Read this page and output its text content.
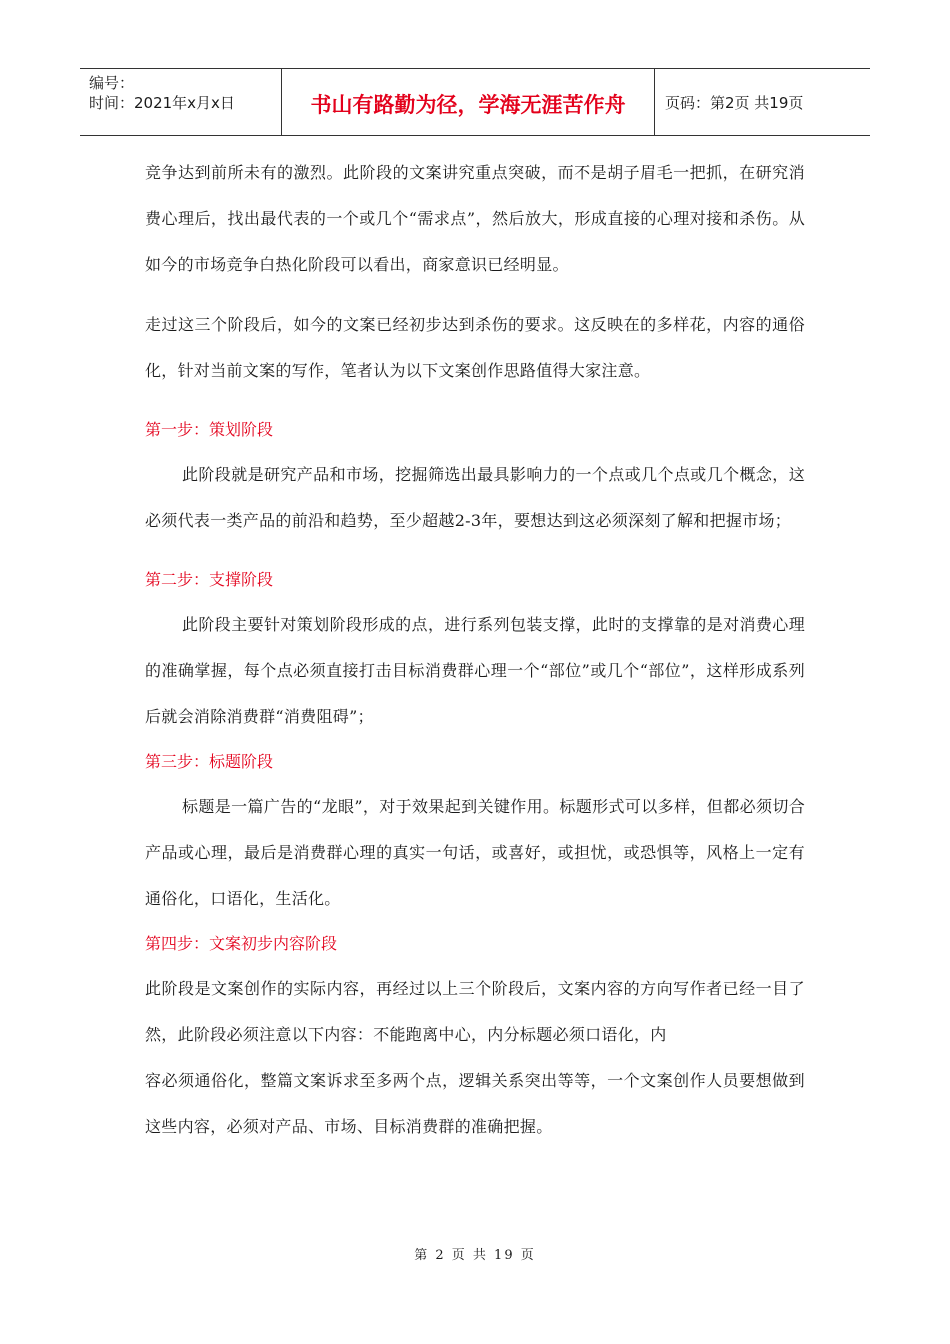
编号：
时间：2021年x月x日	书山有路勤为径，学海无涯苦作舟	页码：第2页 共19页

竞争达到前所未有的激烈。此阶段的文案讲究重点突破，而不是胡子眉毛一把抓，在研究消费心理后，找出最代表的一个或几个“需求点”，然后放大，形成直接的心理对接和杀伤。从如今的市场竞争白热化阶段可以看出，商家意识已经明显。

走过这三个阶段后，如今的文案已经初步达到杀伤的要求。这反映在的多样花，内容的通俗化，针对当前文案的写作，笔者认为以下文案创作思路值得大家注意。

第一步：策划阶段

此阶段就是研究产品和市场，挖掘筛选出最具影响力的一个点或几个点或几个概念，这必须代表一类产品的前沿和趋势，至少超越2-3年，要想达到这必须深刻了解和把握市场；

第二步：支撑阶段

此阶段主要针对策划阶段形成的点，进行系列包装支撑，此时的支撑靠的是对消费心理的准确掌握，每个点必须直接打击目标消费群心理一个“部位”或几个“部位”，这样形成系列后就会消除消费群“消费阻碍”；

第三步：标题阶段

标题是一篇广告的“龙眼”，对于效果起到关键作用。标题形式可以多样，但都必须切合产品或心理，最后是消费群心理的真实一句话，或喜好，或担忧，或恐惧等，风格上一定有通俗化，口语化，生活化。

第四步：文案初步内容阶段

此阶段是文案创作的实际内容，再经过以上三个阶段后，文案内容的方向写作者已经一目了然，此阶段必须注意以下内容：不能跑离中心，内分标题必须口语化，内

容必须通俗化，整篇文案诉求至多两个点，逻辑关系突出等等，一个文案创作人员要想做到这些内容，必须对产品、市场、目标消费群的准确把握。

第 2 页 共 19 页
